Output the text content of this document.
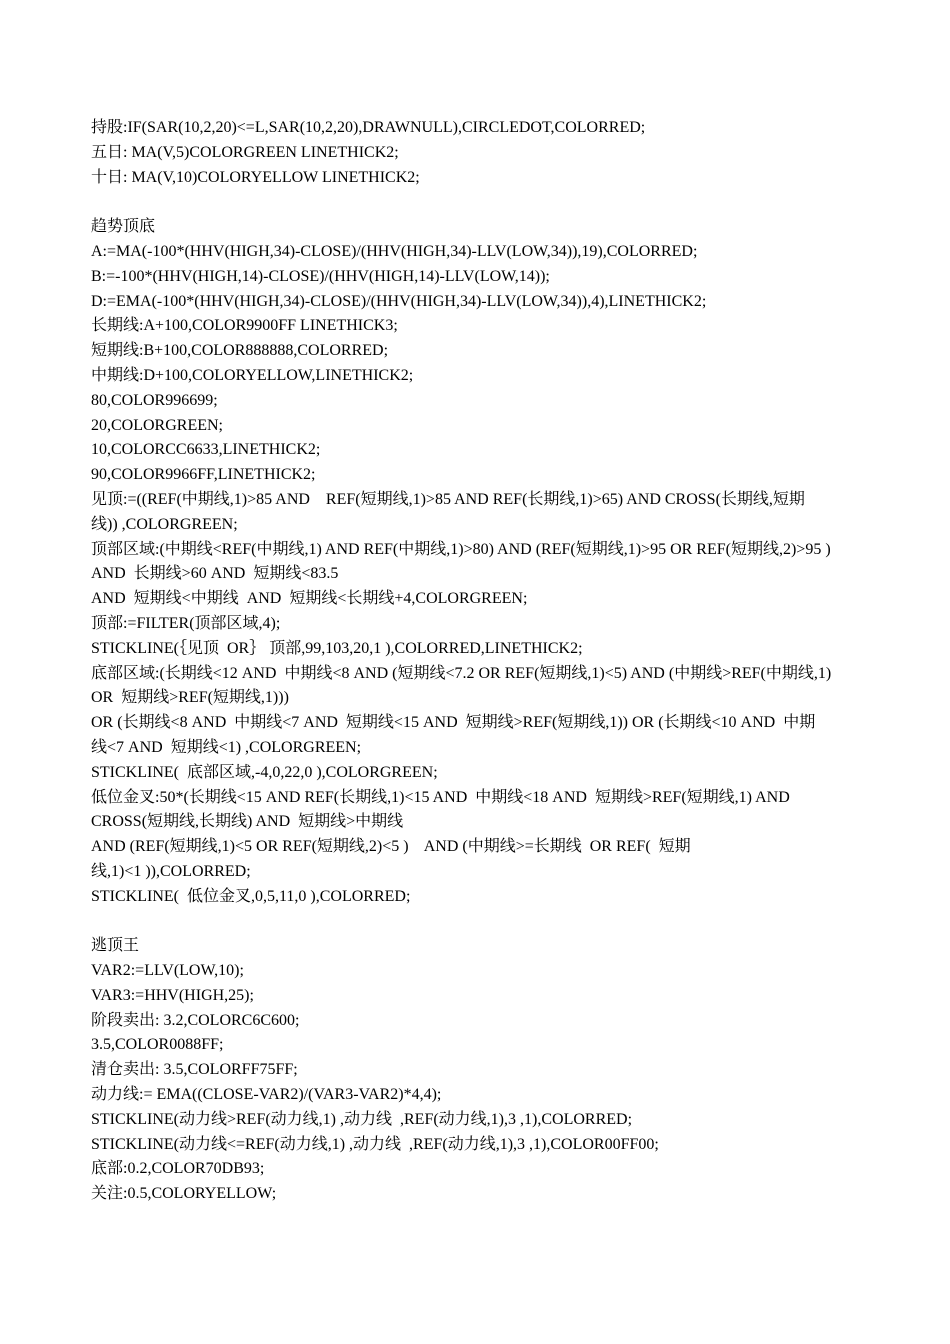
持股:IF(SAR(10,2,20)<=L,SAR(10,2,20),DRAWNULL),CIRCLEDOT,COLORRED;
五日: MA(V,5)COLORGREEN LINETHICK2;
十日: MA(V,10)COLORYELLOW LINETHICK2;
趋势顶底
A:=MA(-100*(HHV(HIGH,34)-CLOSE)/(HHV(HIGH,34)-LLV(LOW,34)),19),COLORRED;
B:=-100*(HHV(HIGH,14)-CLOSE)/(HHV(HIGH,14)-LLV(LOW,14));
D:=EMA(-100*(HHV(HIGH,34)-CLOSE)/(HHV(HIGH,34)-LLV(LOW,34)),4),LINETHICK2;
长期线:A+100,COLOR9900FF LINETHICK3;
短期线:B+100,COLOR888888,COLORRED;
中期线:D+100,COLORYELLOW,LINETHICK2;
80,COLOR996699;
20,COLORGREEN;
10,COLORCC6633,LINETHICK2;
90,COLOR9966FF,LINETHICK2;
见顶:=((REF(中期线,1)>85 AND    REF(短期线,1)>85 AND REF(长期线,1)>65) AND CROSS(长期线,短期
线)) ,COLORGREEN;
顶部区域:(中期线<REF(中期线,1) AND REF(中期线,1)>80) AND (REF(短期线,1)>95 OR REF(短期线,2)>95 )
AND  长期线>60 AND  短期线<83.5
AND  短期线<中期线  AND  短期线<长期线+4,COLORGREEN;
顶部:=FILTER(顶部区域,4);
STICKLINE(｛见顶  OR｝ 顶部,99,103,20,1 ),COLORRED,LINETHICK2;
底部区域:(长期线<12 AND  中期线<8 AND (短期线<7.2 OR REF(短期线,1)<5) AND (中期线>REF(中期线,1)
OR  短期线>REF(短期线,1)))
OR (长期线<8 AND  中期线<7 AND  短期线<15 AND  短期线>REF(短期线,1)) OR (长期线<10 AND  中期
线<7 AND  短期线<1) ,COLORGREEN;
STICKLINE(  底部区域,-4,0,22,0 ),COLORGREEN;
低位金叉:50*(长期线<15 AND REF(长期线,1)<15 AND  中期线<18 AND  短期线>REF(短期线,1) AND
CROSS(短期线,长期线) AND  短期线>中期线
AND (REF(短期线,1)<5 OR REF(短期线,2)<5 )    AND (中期线>=长期线  OR REF(  短期
线,1)<1 )),COLORRED;
STICKLINE(  低位金叉,0,5,11,0 ),COLORRED;
逃顶王
VAR2:=LLV(LOW,10);
VAR3:=HHV(HIGH,25);
阶段卖出: 3.2,COLORC6C600;
3.5,COLOR0088FF;
清仓卖出: 3.5,COLORFF75FF;
动力线:= EMA((CLOSE-VAR2)/(VAR3-VAR2)*4,4);
STICKLINE(动力线>REF(动力线,1) ,动力线  ,REF(动力线,1),3 ,1),COLORRED;
STICKLINE(动力线<=REF(动力线,1) ,动力线  ,REF(动力线,1),3 ,1),COLOR00FF00;
底部:0.2,COLOR70DB93;
关注:0.5,COLORYELLOW;
